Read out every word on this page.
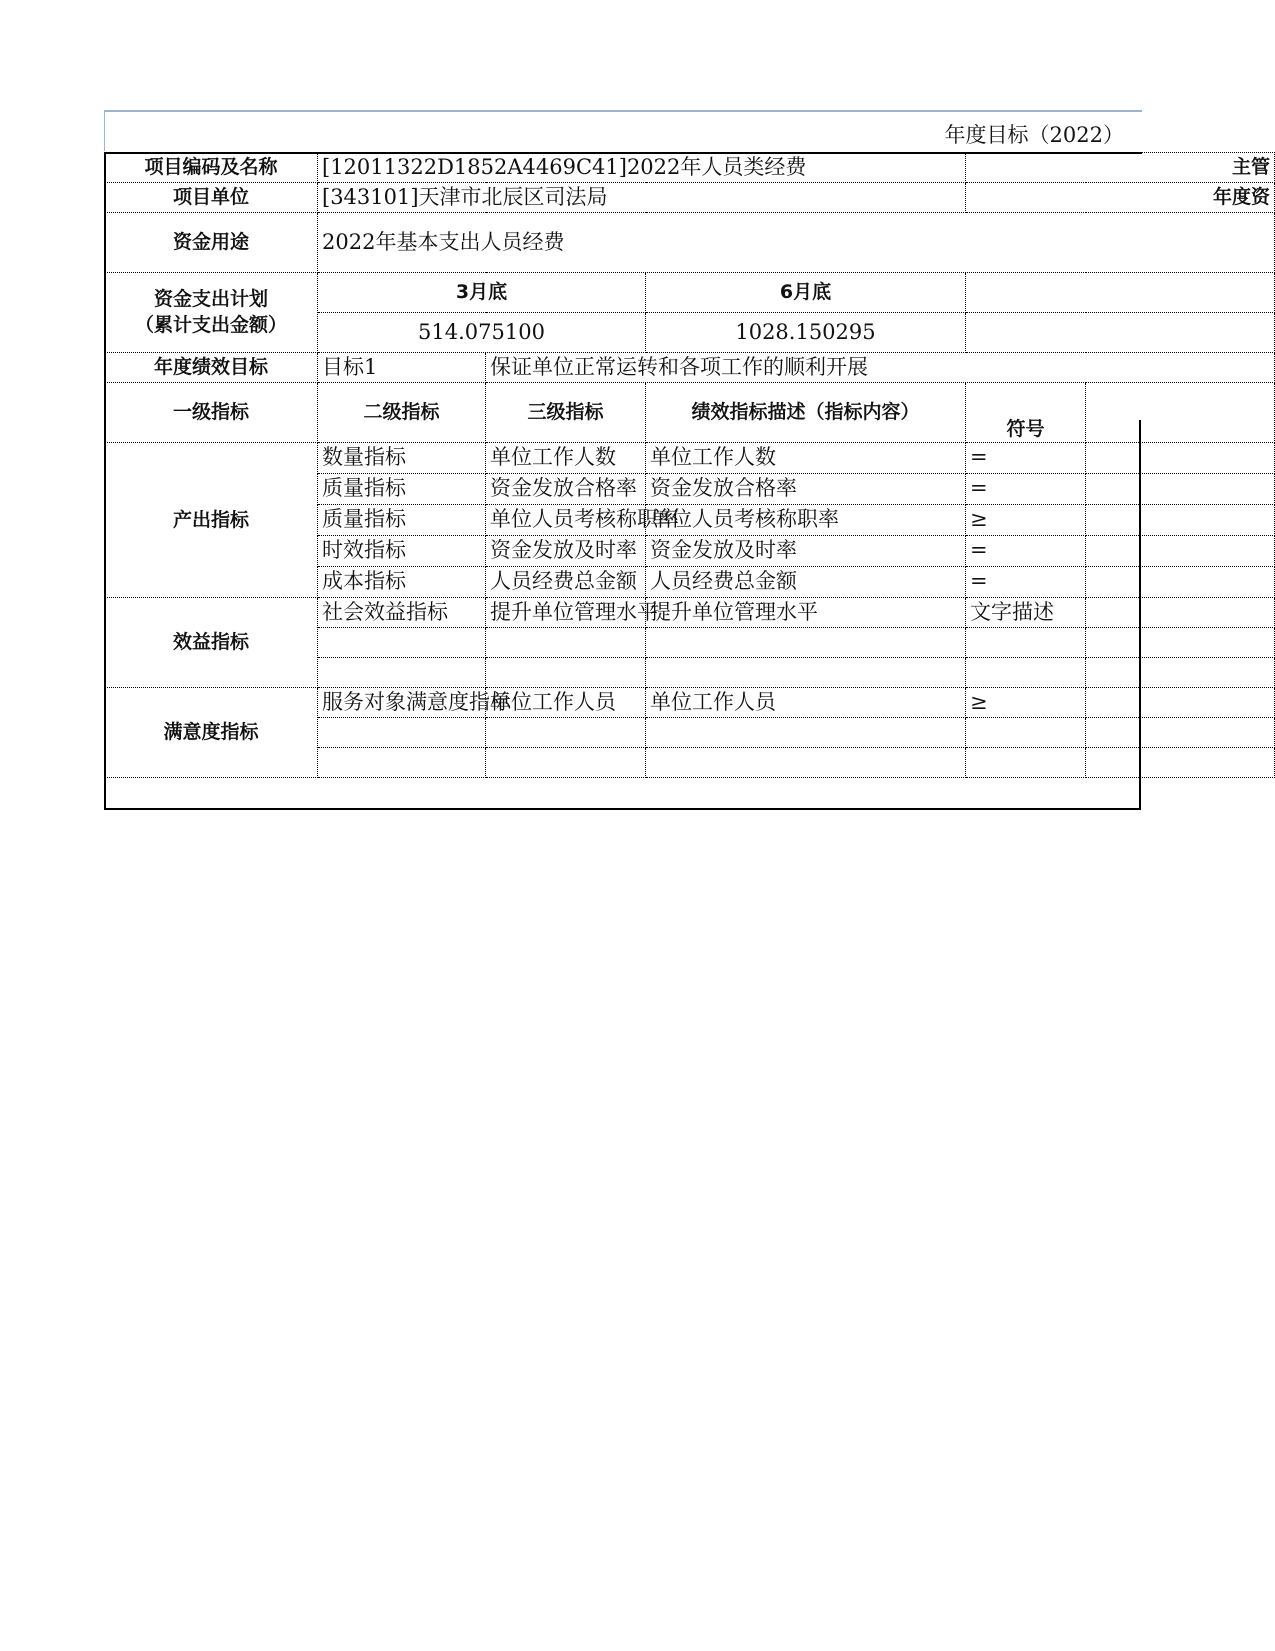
年度目标（2022）
项目编码及名称	[12011322D1852A4469C41]2022年人员类经费			主管	
项目单位	[343101]天津市北辰区司法局			年度资	
资金用途	2022年基本支出人员经费				
资金支出计划
（累计支出金额）	3月底		6月底		
	514.075100		1028.150295		
年度绩效目标	目标1	保证单位正常运转和各项工作的顺利开展			
一级指标	二级指标	三级指标	绩效指标描述（指标内容）	符号	
产出指标	数量指标	单位工作人数	单位工作人数	=	
	质量指标	资金发放合格率	资金发放合格率	=	
	质量指标	单位人员考核称职率	单位人员考核称职率	≥	
	时效指标	资金发放及时率	资金发放及时率	=	
	成本指标	人员经费总金额	人员经费总金额	=	
效益指标	社会效益指标	提升单位管理水平	提升单位管理水平	文字描述	

满意度指标	服务对象满意度指标	单位工作人员	单位工作人员	≥	
